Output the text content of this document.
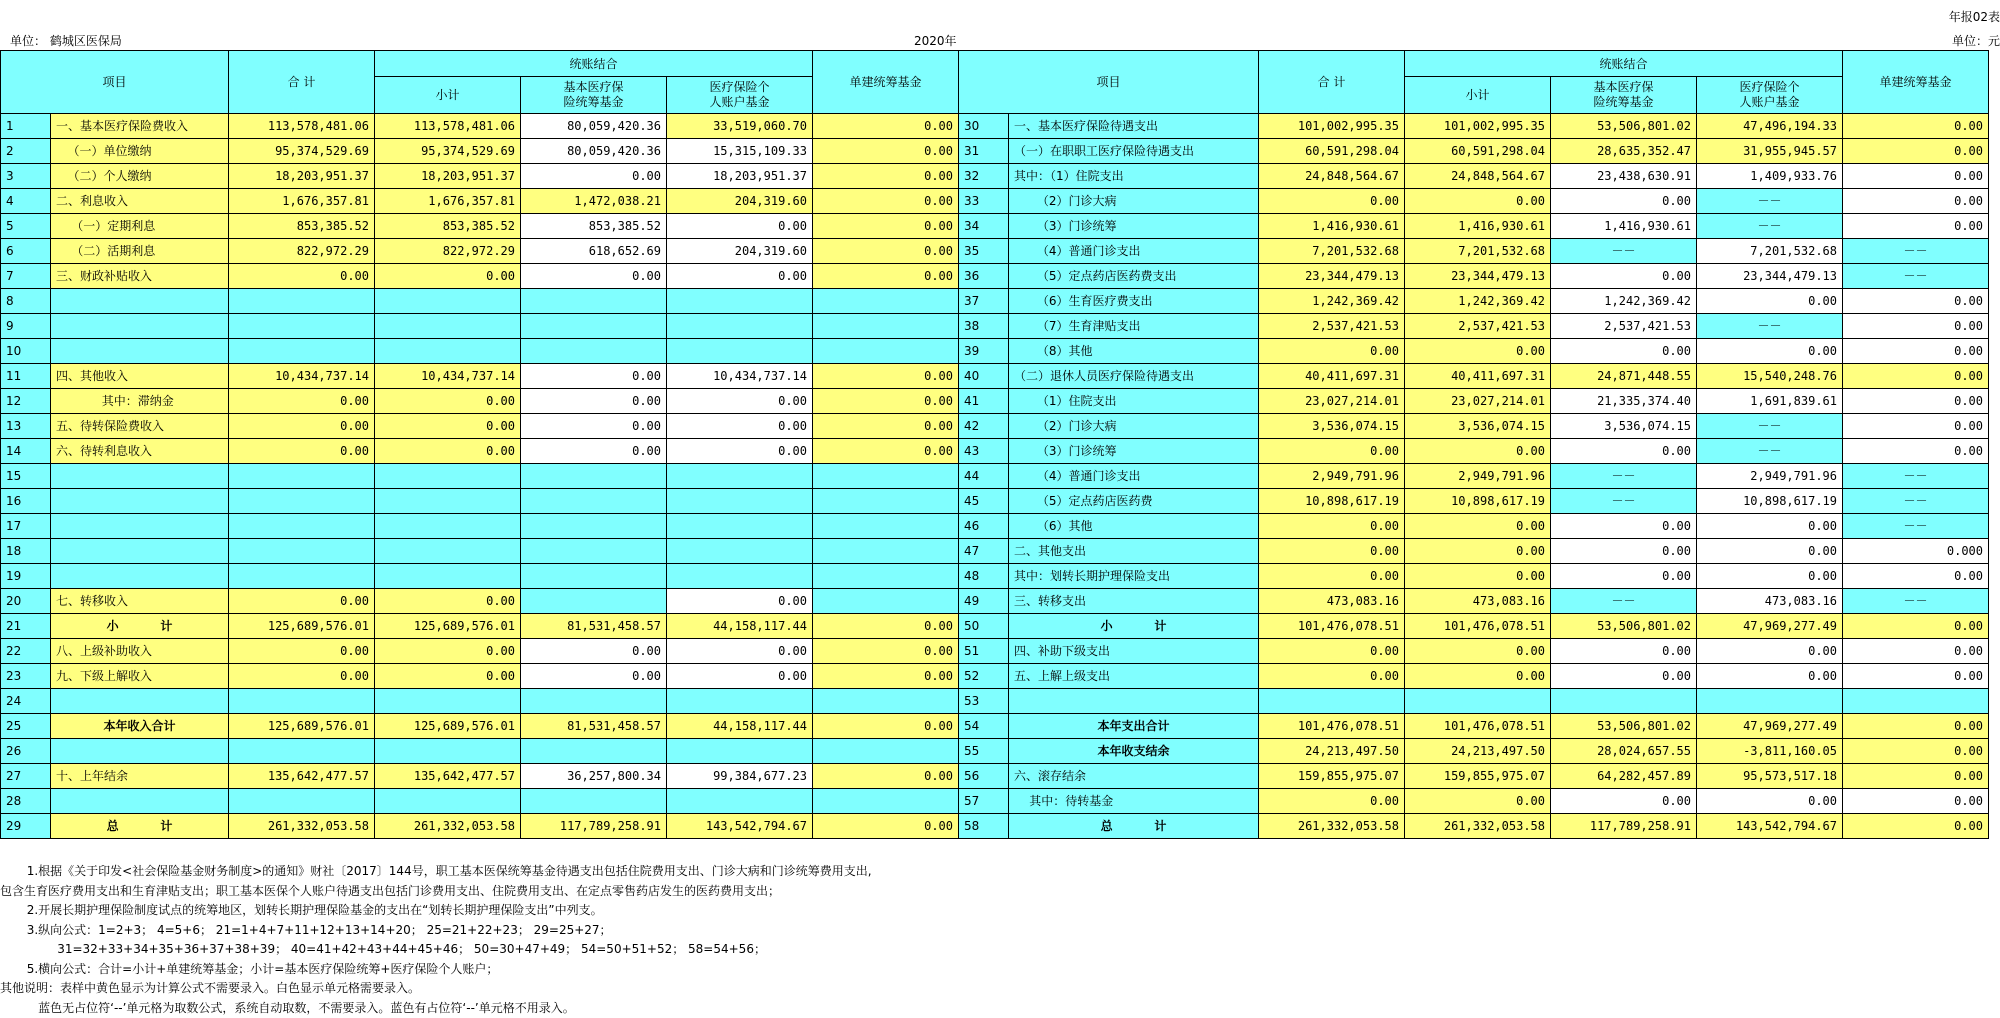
年报02表
单位： 鹤城区医保局	2020年	单位：元
项目		合 计	统账结合			单建统筹基金	项目		合 计	统账结合			单建统筹基金
			小计	基本医疗保
险统筹基金	医疗保险个
人账户基金					小计	基本医疗保
险统筹基金	医疗保险个
人账户基金	
1	一、基本医疗保险费收入	113,578,481.06	113,578,481.06	80,059,420.36	33,519,060.70	0.00	30	一、基本医疗保险待遇支出	101,002,995.35	101,002,995.35	53,506,801.02	47,496,194.33	0.00
2	（一）单位缴纳	95,374,529.69	95,374,529.69	80,059,420.36	15,315,109.33	0.00	31	（一）在职职工医疗保险待遇支出	60,591,298.04	60,591,298.04	28,635,352.47	31,955,945.57	0.00
3	（二）个人缴纳	18,203,951.37	18,203,951.37	0.00	18,203,951.37	0.00	32	其中：（1）住院支出	24,848,564.67	24,848,564.67	23,438,630.91	1,409,933.76	0.00
4	二、利息收入	1,676,357.81	1,676,357.81	1,472,038.21	204,319.60	0.00	33	（2）门诊大病	0.00	0.00	0.00	－－	0.00
5	（一）定期利息	853,385.52	853,385.52	853,385.52	0.00	0.00	34	（3）门诊统筹	1,416,930.61	1,416,930.61	1,416,930.61	－－	0.00
6	（二）活期利息	822,972.29	822,972.29	618,652.69	204,319.60	0.00	35	（4）普通门诊支出	7,201,532.68	7,201,532.68	－－	7,201,532.68	－－
7	三、财政补贴收入	0.00	0.00	0.00	0.00	0.00	36	（5）定点药店医药费支出	23,344,479.13	23,344,479.13	0.00	23,344,479.13	－－
8							37	（6）生育医疗费支出	1,242,369.42	1,242,369.42	1,242,369.42	0.00	0.00
9							38	（7）生育津贴支出	2,537,421.53	2,537,421.53	2,537,421.53	－－	0.00
10							39	（8）其他	0.00	0.00	0.00	0.00	0.00
11	四、其他收入	10,434,737.14	10,434,737.14	0.00	10,434,737.14	0.00	40	（二）退休人员医疗保险待遇支出	40,411,697.31	40,411,697.31	24,871,448.55	15,540,248.76	0.00
12	其中：滞纳金	0.00	0.00	0.00	0.00	0.00	41	（1）住院支出	23,027,214.01	23,027,214.01	21,335,374.40	1,691,839.61	0.00
13	五、待转保险费收入	0.00	0.00	0.00	0.00	0.00	42	（2）门诊大病	3,536,074.15	3,536,074.15	3,536,074.15	－－	0.00
14	六、待转利息收入	0.00	0.00	0.00	0.00	0.00	43	（3）门诊统筹	0.00	0.00	0.00	－－	0.00
15							44	（4）普通门诊支出	2,949,791.96	2,949,791.96	－－	2,949,791.96	－－
16							45	（5）定点药店医药费	10,898,617.19	10,898,617.19	－－	10,898,617.19	－－
17							46	（6）其他	0.00	0.00	0.00	0.00	－－
18							47	二、其他支出	0.00	0.00	0.00	0.00	0.000
19							48	其中：划转长期护理保险支出	0.00	0.00	0.00	0.00	0.00
20	七、转移收入	0.00	0.00		0.00		49	三、转移支出	473,083.16	473,083.16	－－	473,083.16	－－
21	小          计	125,689,576.01	125,689,576.01	81,531,458.57	44,158,117.44	0.00	50	小          计	101,476,078.51	101,476,078.51	53,506,801.02	47,969,277.49	0.00
22	八、上级补助收入	0.00	0.00	0.00	0.00	0.00	51	四、补助下级支出	0.00	0.00	0.00	0.00	0.00
23	九、下级上解收入	0.00	0.00	0.00	0.00	0.00	52	五、上解上级支出	0.00	0.00	0.00	0.00	0.00
24							53						
25	本年收入合计	125,689,576.01	125,689,576.01	81,531,458.57	44,158,117.44	0.00	54	本年支出合计	101,476,078.51	101,476,078.51	53,506,801.02	47,969,277.49	0.00
26							55	本年收支结余	24,213,497.50	24,213,497.50	28,024,657.55	-3,811,160.05	0.00
27	十、上年结余	135,642,477.57	135,642,477.57	36,257,800.34	99,384,677.23	0.00	56	六、滚存结余	159,855,975.07	159,855,975.07	64,282,457.89	95,573,517.18	0.00
28							57	其中：待转基金	0.00	0.00	0.00	0.00	0.00
29	总          计	261,332,053.58	261,332,053.58	117,789,258.91	143,542,794.67	0.00	58	总          计	261,332,053.58	261,332,053.58	117,789,258.91	143,542,794.67	0.00
1.根据《关于印发<社会保险基金财务制度>的通知》财社〔2017〕144号，职工基本医保统筹基金待遇支出包括住院费用支出、门诊大病和门诊统筹费用支出,
包含生育医疗费用支出和生育津贴支出；职工基本医保个人账户待遇支出包括门诊费用支出、住院费用支出、在定点零售药店发生的医药费用支出；
2.开展长期护理保险制度试点的统筹地区，划转长期护理保险基金的支出在“划转长期护理保险支出”中列支。
3.纵向公式：1=2+3； 4=5+6； 21=1+4+7+11+12+13+14+20； 25=21+22+23； 29=25+27；
31=32+33+34+35+36+37+38+39； 40=41+42+43+44+45+46； 50=30+47+49； 54=50+51+52； 58=54+56；
5.横向公式：合计=小计+单建统筹基金；小计=基本医疗保险统筹+医疗保险个人账户；
其他说明：表样中黄色显示为计算公式不需要录入。白色显示单元格需要录入。
蓝色无占位符‘--’单元格为取数公式，系统自动取数，不需要录入。蓝色有占位符‘--’单元格不用录入。
